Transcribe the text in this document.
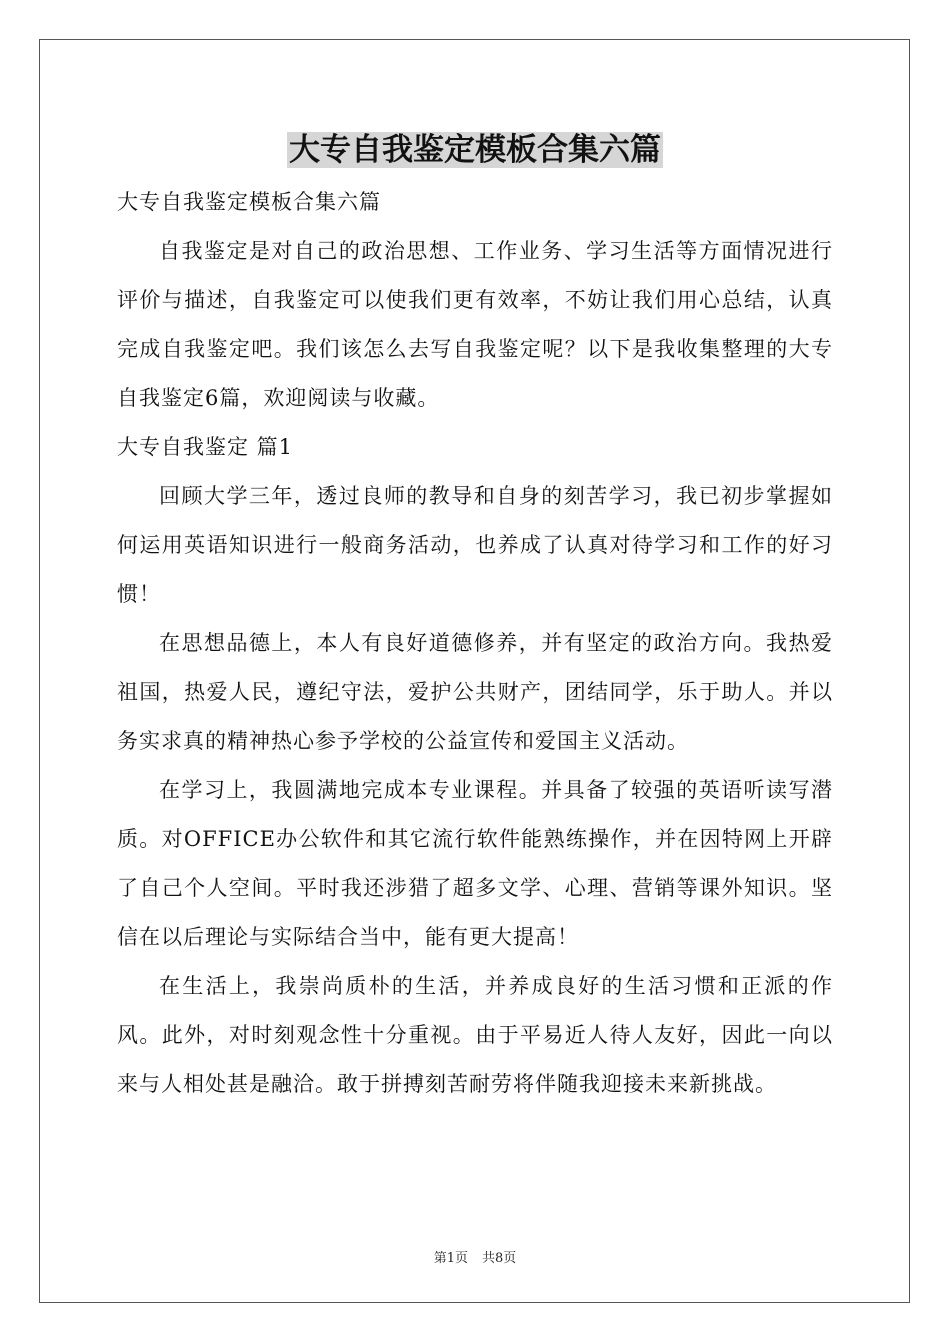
大专自我鉴定模板合集六篇

大专自我鉴定模板合集六篇

自我鉴定是对自己的政治思想、工作业务、学习生活等方面情况进行评价与描述，自我鉴定可以使我们更有效率，不妨让我们用心总结，认真完成自我鉴定吧。我们该怎么去写自我鉴定呢？以下是我收集整理的大专自我鉴定6篇，欢迎阅读与收藏。

大专自我鉴定 篇1

回顾大学三年，透过良师的教导和自身的刻苦学习，我已初步掌握如何运用英语知识进行一般商务活动，也养成了认真对待学习和工作的好习惯！

在思想品德上，本人有良好道德修养，并有坚定的政治方向。我热爱祖国，热爱人民，遵纪守法，爱护公共财产，团结同学，乐于助人。并以务实求真的精神热心参予学校的公益宣传和爱国主义活动。

在学习上，我圆满地完成本专业课程。并具备了较强的英语听读写潜质。对OFFICE办公软件和其它流行软件能熟练操作，并在因特网上开辟了自己个人空间。平时我还涉猎了超多文学、心理、营销等课外知识。坚信在以后理论与实际结合当中，能有更大提高！

在生活上，我崇尚质朴的生活，并养成良好的生活习惯和正派的作风。此外，对时刻观念性十分重视。由于平易近人待人友好，因此一向以来与人相处甚是融洽。敢于拼搏刻苦耐劳将伴随我迎接未来新挑战。

第1页 共8页
